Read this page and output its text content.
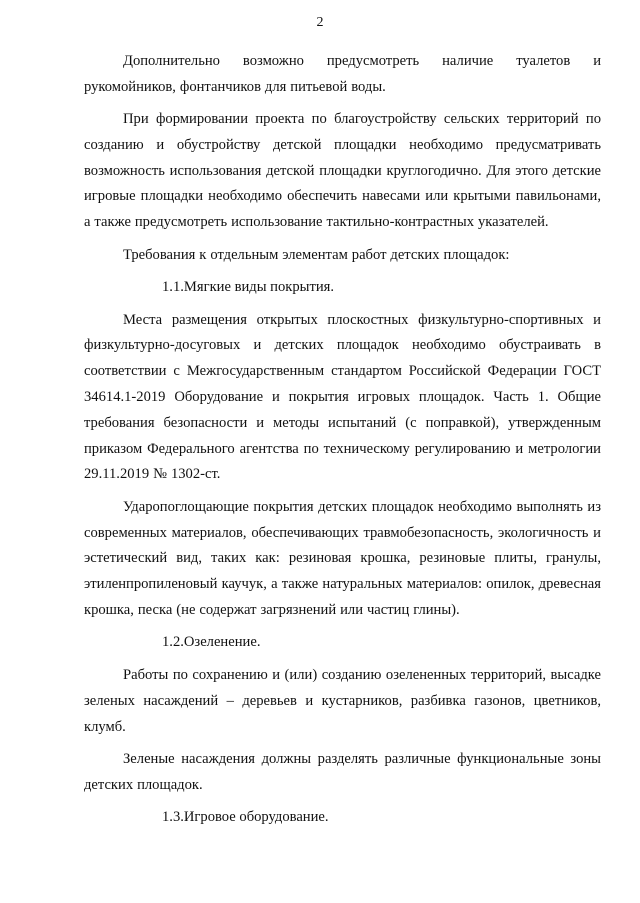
2

Дополнительно возможно предусмотреть наличие туалетов и рукомойников, фонтанчиков для питьевой воды.

При формировании проекта по благоустройству сельских территорий по созданию и обустройству детской площадки необходимо предусматривать возможность использования детской площадки круглогодично. Для этого детские игровые площадки необходимо обеспечить навесами или крытыми павильонами, а также предусмотреть использование тактильно-контрастных указателей.

Требования к отдельным элементам работ детских площадок:

1.1.Мягкие виды покрытия.

Места размещения открытых плоскостных физкультурно-спортивных и физкультурно-досуговых и детских площадок необходимо обустраивать в соответствии с Межгосударственным стандартом Российской Федерации ГОСТ 34614.1-2019 Оборудование и покрытия игровых площадок. Часть 1. Общие требования безопасности и методы испытаний (с поправкой), утвержденным приказом Федерального агентства по техническому регулированию и метрологии 29.11.2019 № 1302-ст.

Ударопоглощающие покрытия детских площадок необходимо выполнять из современных материалов, обеспечивающих травмобезопасность, экологичность и эстетический вид, таких как: резиновая крошка, резиновые плиты, гранулы, этиленпропиленовый каучук, а также натуральных материалов: опилок, древесная крошка, песка (не содержат загрязнений или частиц глины).

1.2.Озеленение.

Работы по сохранению и (или) созданию озелененных территорий, высадке зеленых насаждений – деревьев и кустарников, разбивка газонов, цветников, клумб.

Зеленые насаждения должны разделять различные функциональные зоны детских площадок.

1.3.Игровое оборудование.
